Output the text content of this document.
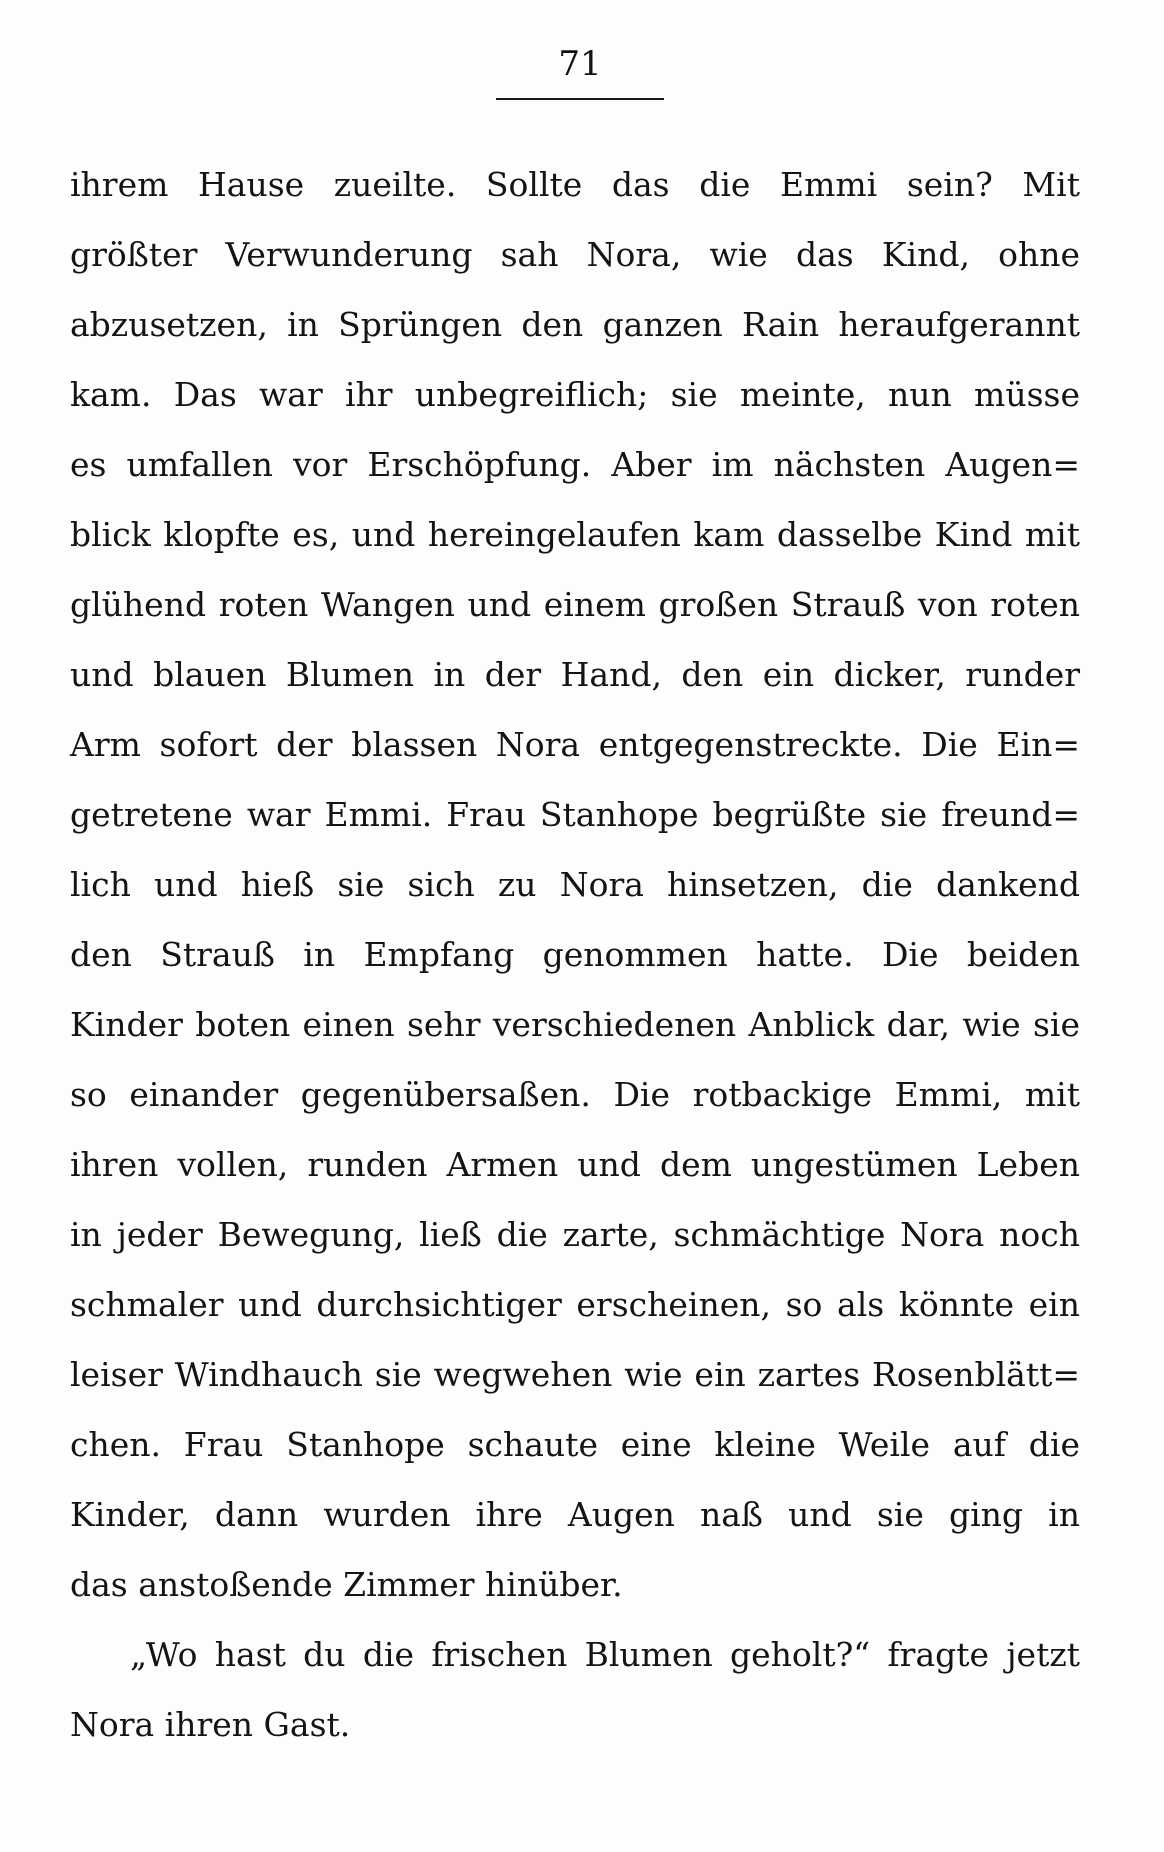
71

ihrem Hause zueilte. Sollte das die Emmi sein? Mit
größter Verwunderung sah Nora, wie das Kind, ohne
abzusetzen, in Sprüngen den ganzen Rain heraufgerannt
kam. Das war ihr unbegreiflich; sie meinte, nun müsse
es umfallen vor Erschöpfung. Aber im nächsten Augen=
blick klopfte es, und hereingelaufen kam dasselbe Kind mit
glühend roten Wangen und einem großen Strauß von roten
und blauen Blumen in der Hand, den ein dicker, runder
Arm sofort der blassen Nora entgegenstreckte. Die Ein=
getretene war Emmi. Frau Stanhope begrüßte sie freund=
lich und hieß sie sich zu Nora hinsetzen, die dankend
den Strauß in Empfang genommen hatte. Die beiden
Kinder boten einen sehr verschiedenen Anblick dar, wie sie
so einander gegenübersaßen. Die rotbackige Emmi, mit
ihren vollen, runden Armen und dem ungestümen Leben
in jeder Bewegung, ließ die zarte, schmächtige Nora noch
schmaler und durchsichtiger erscheinen, so als könnte ein
leiser Windhauch sie wegwehen wie ein zartes Rosenblätt=
chen. Frau Stanhope schaute eine kleine Weile auf die
Kinder, dann wurden ihre Augen naß und sie ging in
das anstoßende Zimmer hinüber.
„Wo hast du die frischen Blumen geholt?“ fragte jetzt
Nora ihren Gast.
